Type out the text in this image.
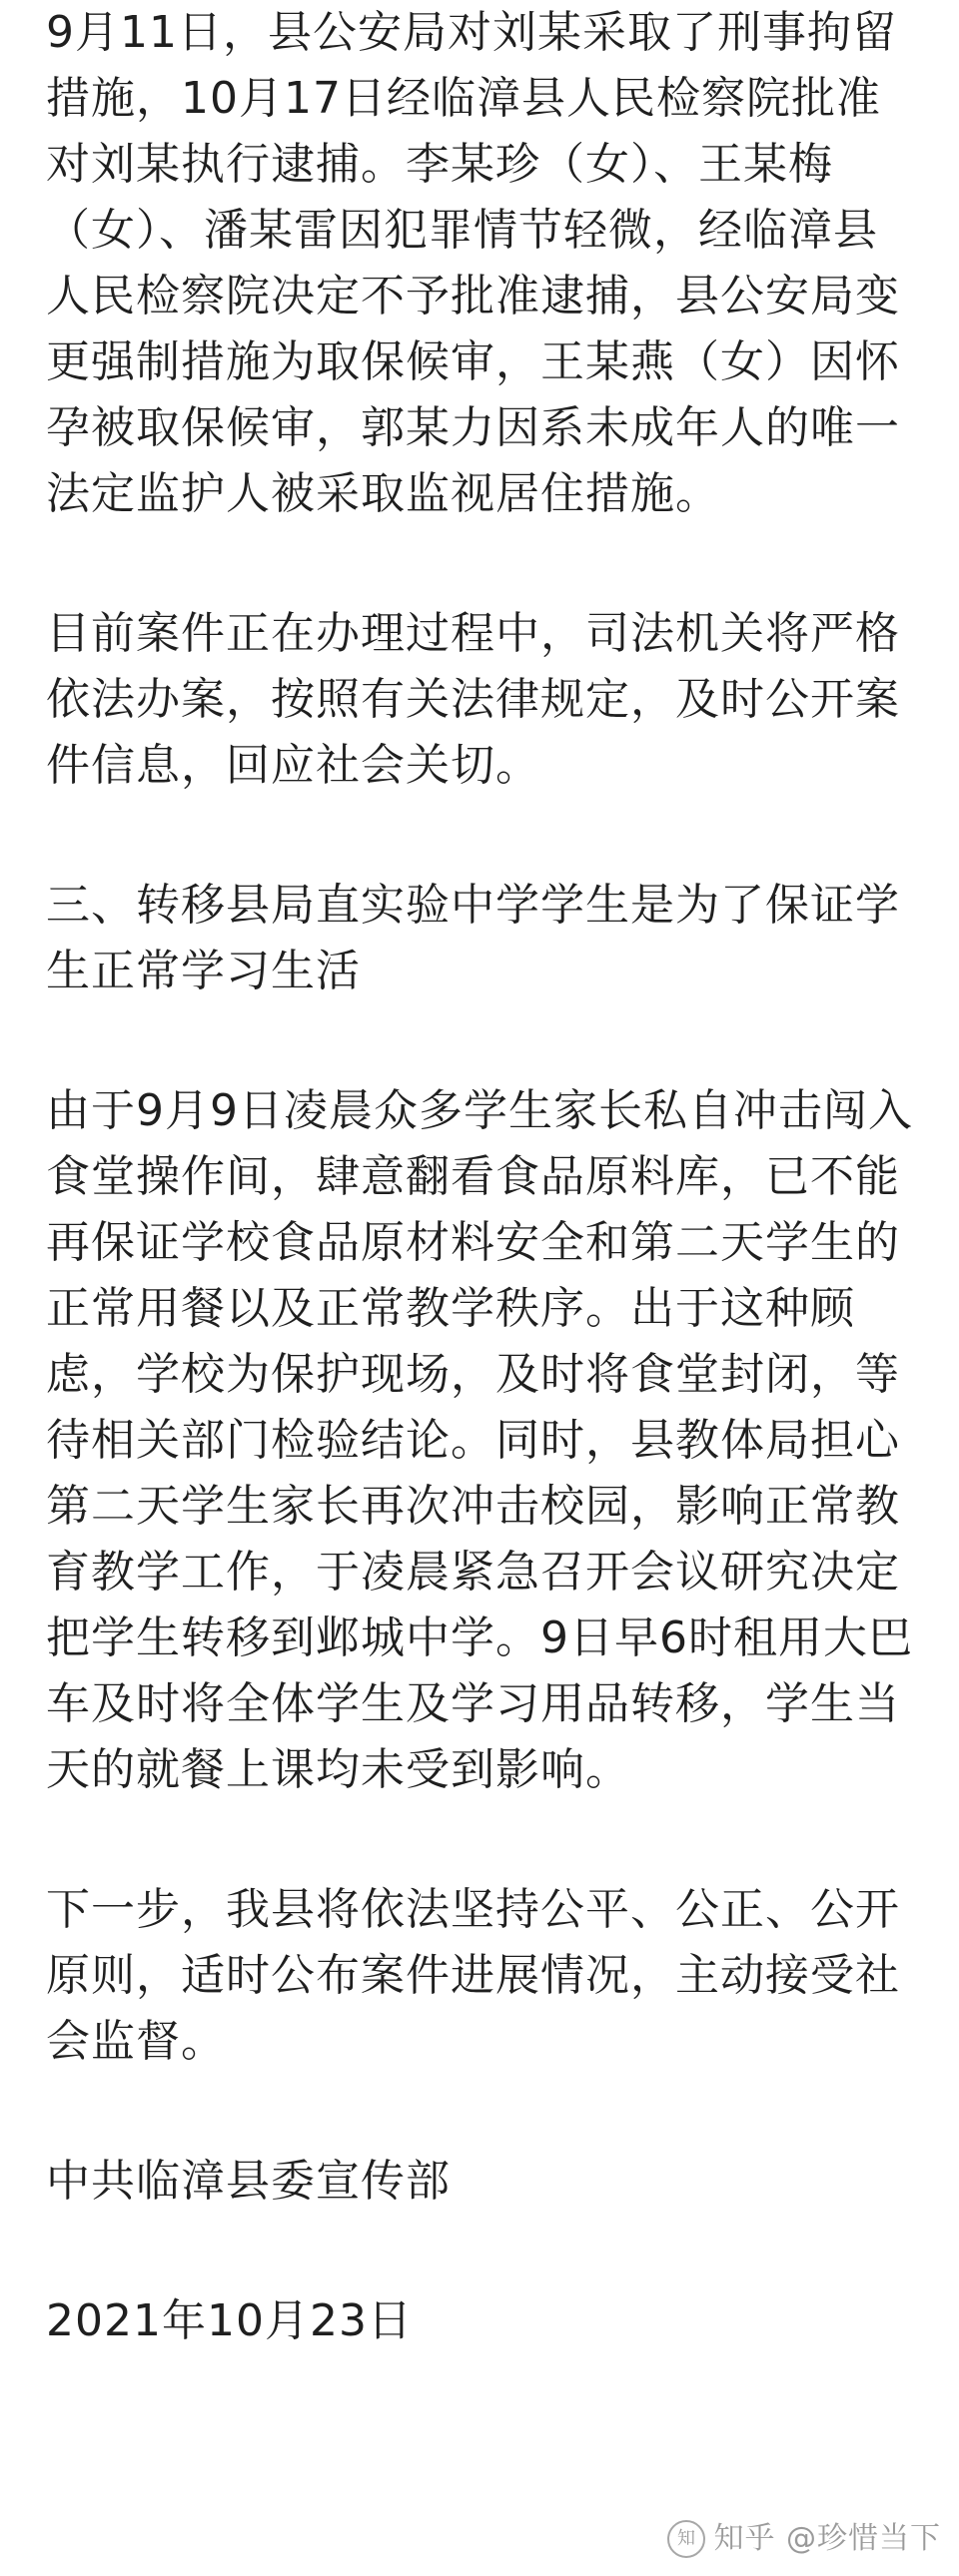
9月11日，县公安局对刘某采取了刑事拘留
措施，10月17日经临漳县人民检察院批准
对刘某执行逮捕。李某珍（女）、王某梅
（女）、潘某雷因犯罪情节轻微，经临漳县
人民检察院决定不予批准逮捕，县公安局变
更强制措施为取保候审，王某燕（女）因怀
孕被取保候审，郭某力因系未成年人的唯一
法定监护人被采取监视居住措施。
目前案件正在办理过程中，司法机关将严格
依法办案，按照有关法律规定，及时公开案
件信息，回应社会关切。
三、转移县局直实验中学学生是为了保证学
生正常学习生活
由于9月9日凌晨众多学生家长私自冲击闯入
食堂操作间，肆意翻看食品原料库，已不能
再保证学校食品原材料安全和第二天学生的
正常用餐以及正常教学秩序。出于这种顾
虑，学校为保护现场，及时将食堂封闭，等
待相关部门检验结论。同时，县教体局担心
第二天学生家长再次冲击校园，影响正常教
育教学工作，于凌晨紧急召开会议研究决定
把学生转移到邺城中学。9日早6时租用大巴
车及时将全体学生及学习用品转移，学生当
天的就餐上课均未受到影响。
下一步，我县将依法坚持公平、公正、公开
原则，适时公布案件进展情况，主动接受社
会监督。
中共临漳县委宣传部
2021年10月23日
知 知乎 @珍惜当下
